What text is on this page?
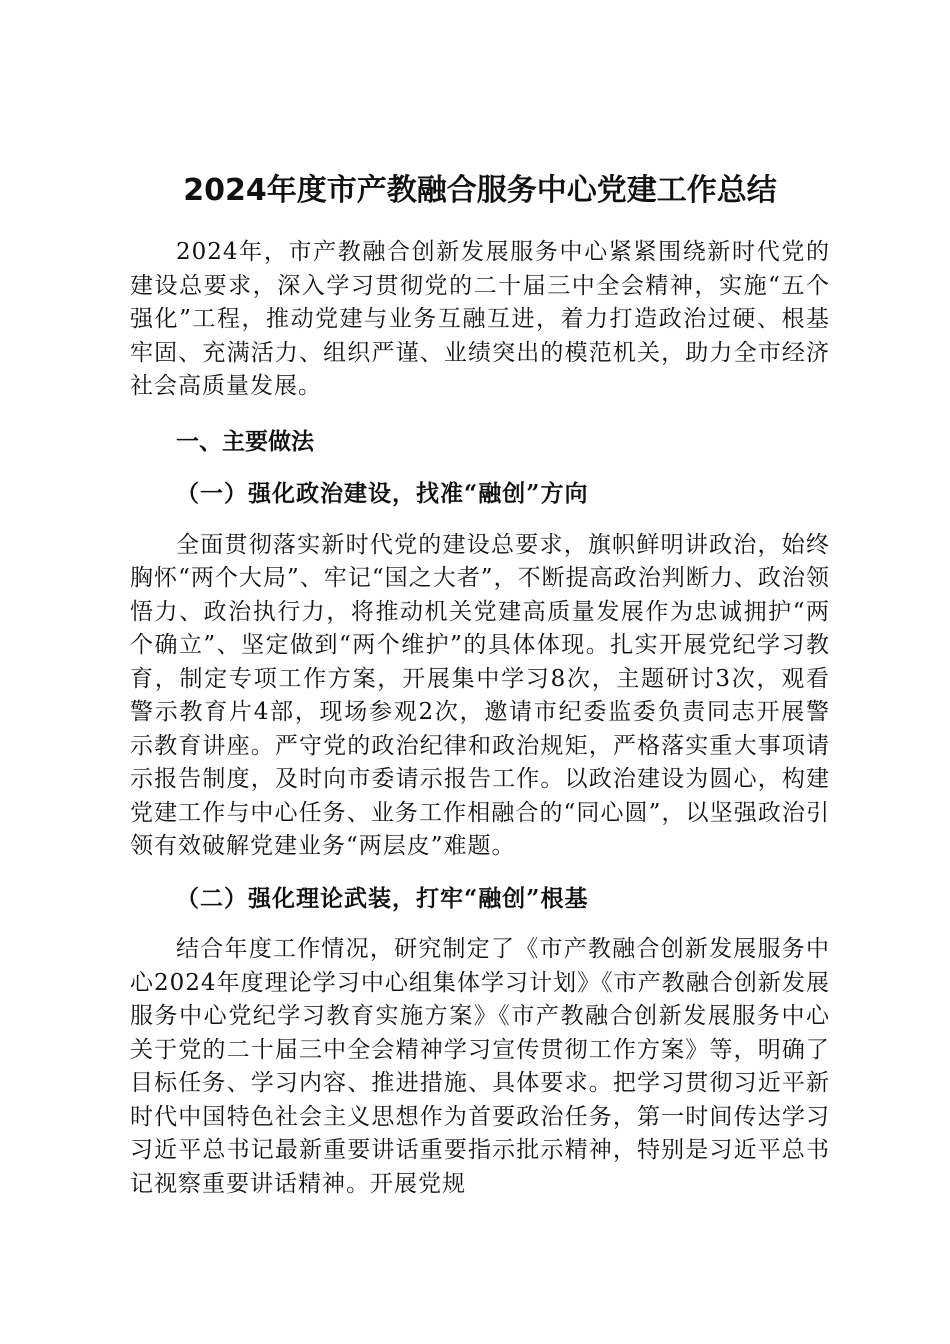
2024年度市产教融合服务中心党建工作总结

2024年，市产教融合创新发展服务中心紧紧围绕新时代党的建设总要求，深入学习贯彻党的二十届三中全会精神，实施“五个强化”工程，推动党建与业务互融互进，着力打造政治过硬、根基牢固、充满活力、组织严谨、业绩突出的模范机关，助力全市经济社会高质量发展。

一、主要做法
（一）强化政治建设，找准“融创”方向

全面贯彻落实新时代党的建设总要求，旗帜鲜明讲政治，始终胸怀“两个大局”、牢记“国之大者”，不断提高政治判断力、政治领悟力、政治执行力，将推动机关党建高质量发展作为忠诚拥护“两个确立”、坚定做到“两个维护”的具体体现。扎实开展党纪学习教育，制定专项工作方案，开展集中学习8次，主题研讨3次，观看警示教育片4部，现场参观2次，邀请市纪委监委负责同志开展警示教育讲座。严守党的政治纪律和政治规矩，严格落实重大事项请示报告制度，及时向市委请示报告工作。以政治建设为圆心，构建党建工作与中心任务、业务工作相融合的“同心圆”，以坚强政治引领有效破解党建业务“两层皮”难题。

（二）强化理论武装，打牢“融创”根基

结合年度工作情况，研究制定了《市产教融合创新发展服务中心2024年度理论学习中心组集体学习计划》《市产教融合创新发展服务中心党纪学习教育实施方案》《市产教融合创新发展服务中心关于党的二十届三中全会精神学习宣传贯彻工作方案》等，明确了目标任务、学习内容、推进措施、具体要求。把学习贯彻习近平新时代中国特色社会主义思想作为首要政治任务，第一时间传达学习习近平总书记最新重要讲话重要指示批示精神，特别是习近平总书记视察重要讲话精神。开展党规
